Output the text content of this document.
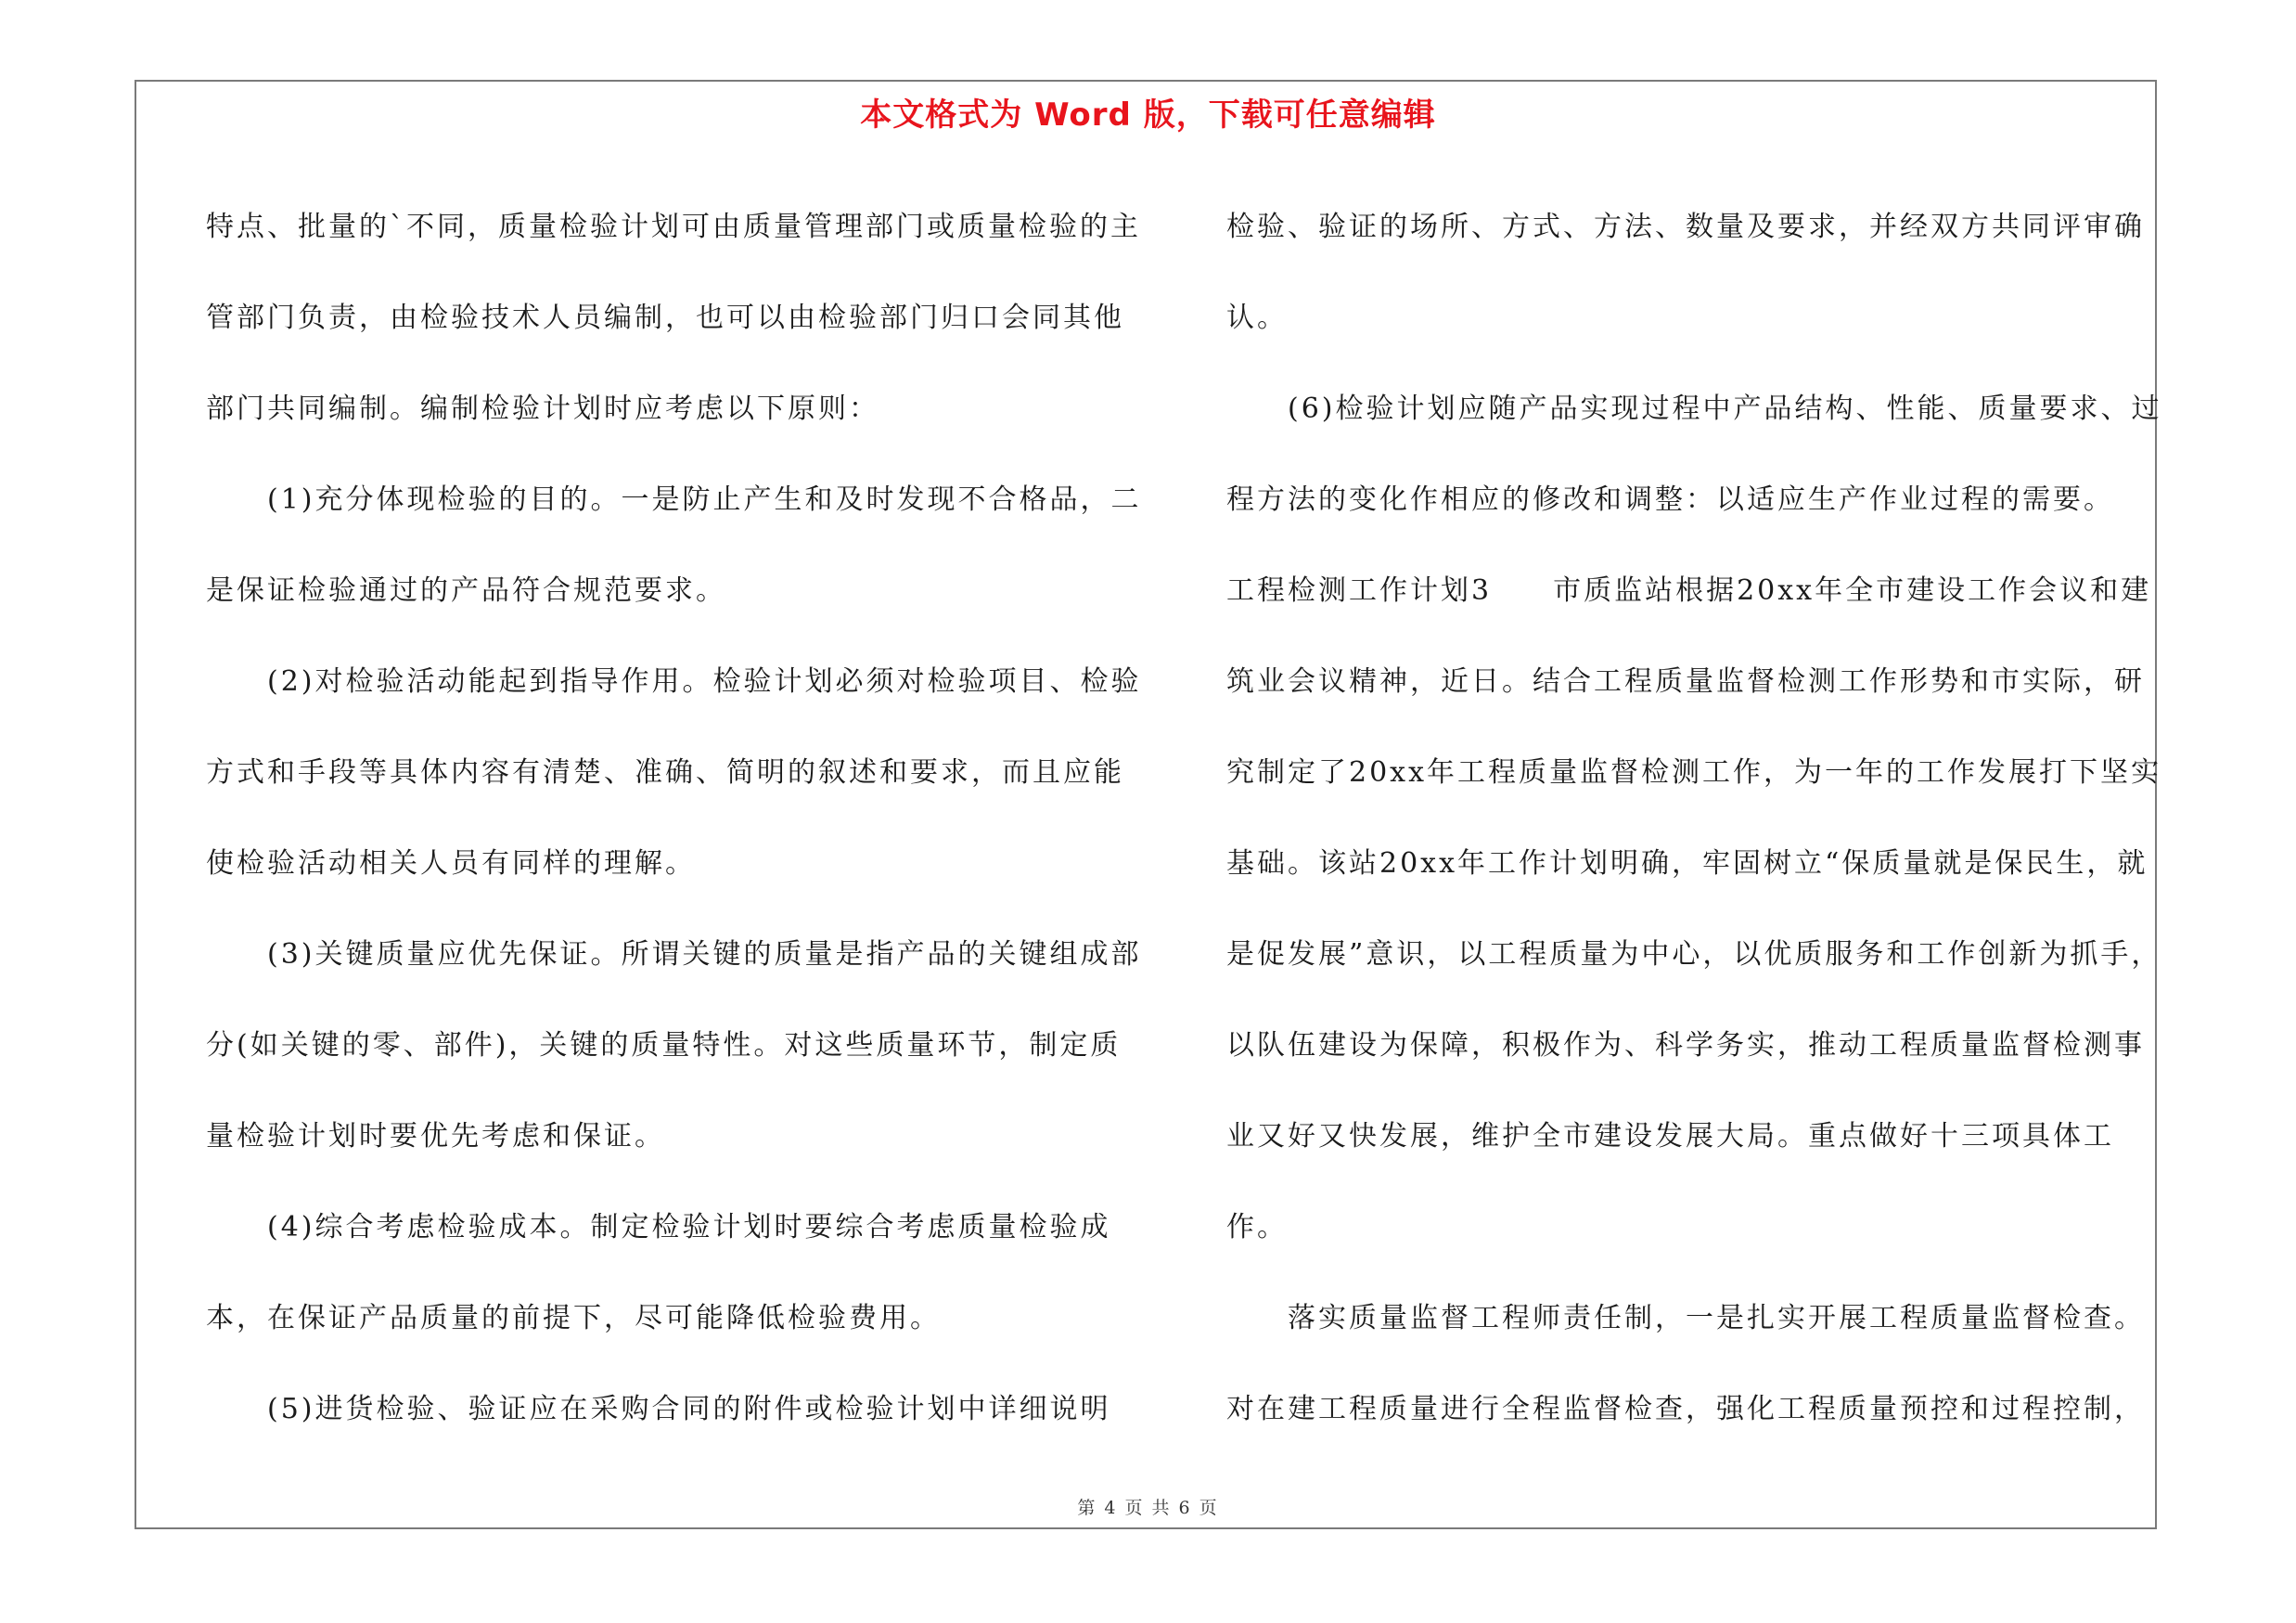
本文格式为 Word 版，下载可任意编辑

特点、批量的`不同，质量检验计划可由质量管理部门或质量检验的主管部门负责，由检验技术人员编制，也可以由检验部门归口会同其他部门共同编制。编制检验计划时应考虑以下原则：

(1)充分体现检验的目的。一是防止产生和及时发现不合格品，二是保证检验通过的产品符合规范要求。

(2)对检验活动能起到指导作用。检验计划必须对检验项目、检验方式和手段等具体内容有清楚、准确、简明的叙述和要求，而且应能使检验活动相关人员有同样的理解。

(3)关键质量应优先保证。所谓关键的质量是指产品的关键组成部分(如关键的零、部件)，关键的质量特性。对这些质量环节，制定质量检验计划时要优先考虑和保证。

(4)综合考虑检验成本。制定检验计划时要综合考虑质量检验成本，在保证产品质量的前提下，尽可能降低检验费用。

(5)进货检验、验证应在采购合同的附件或检验计划中详细说明

检验、验证的场所、方式、方法、数量及要求，并经双方共同评审确认。

(6)检验计划应随产品实现过程中产品结构、性能、质量要求、过程方法的变化作相应的修改和调整：以适应生产作业过程的需要。

工程检测工作计划3　　市质监站根据20xx年全市建设工作会议和建筑业会议精神，近日。结合工程质量监督检测工作形势和市实际，研究制定了20xx年工程质量监督检测工作，为一年的工作发展打下坚实基础。该站20xx年工作计划明确，牢固树立“保质量就是保民生，就是促发展”意识，以工程质量为中心，以优质服务和工作创新为抓手，以队伍建设为保障，积极作为、科学务实，推动工程质量监督检测事业又好又快发展，维护全市建设发展大局。重点做好十三项具体工作。

落实质量监督工程师责任制，一是扎实开展工程质量监督检查。对在建工程质量进行全程监督检查，强化工程质量预控和过程控制，

第 4 页 共 6 页
